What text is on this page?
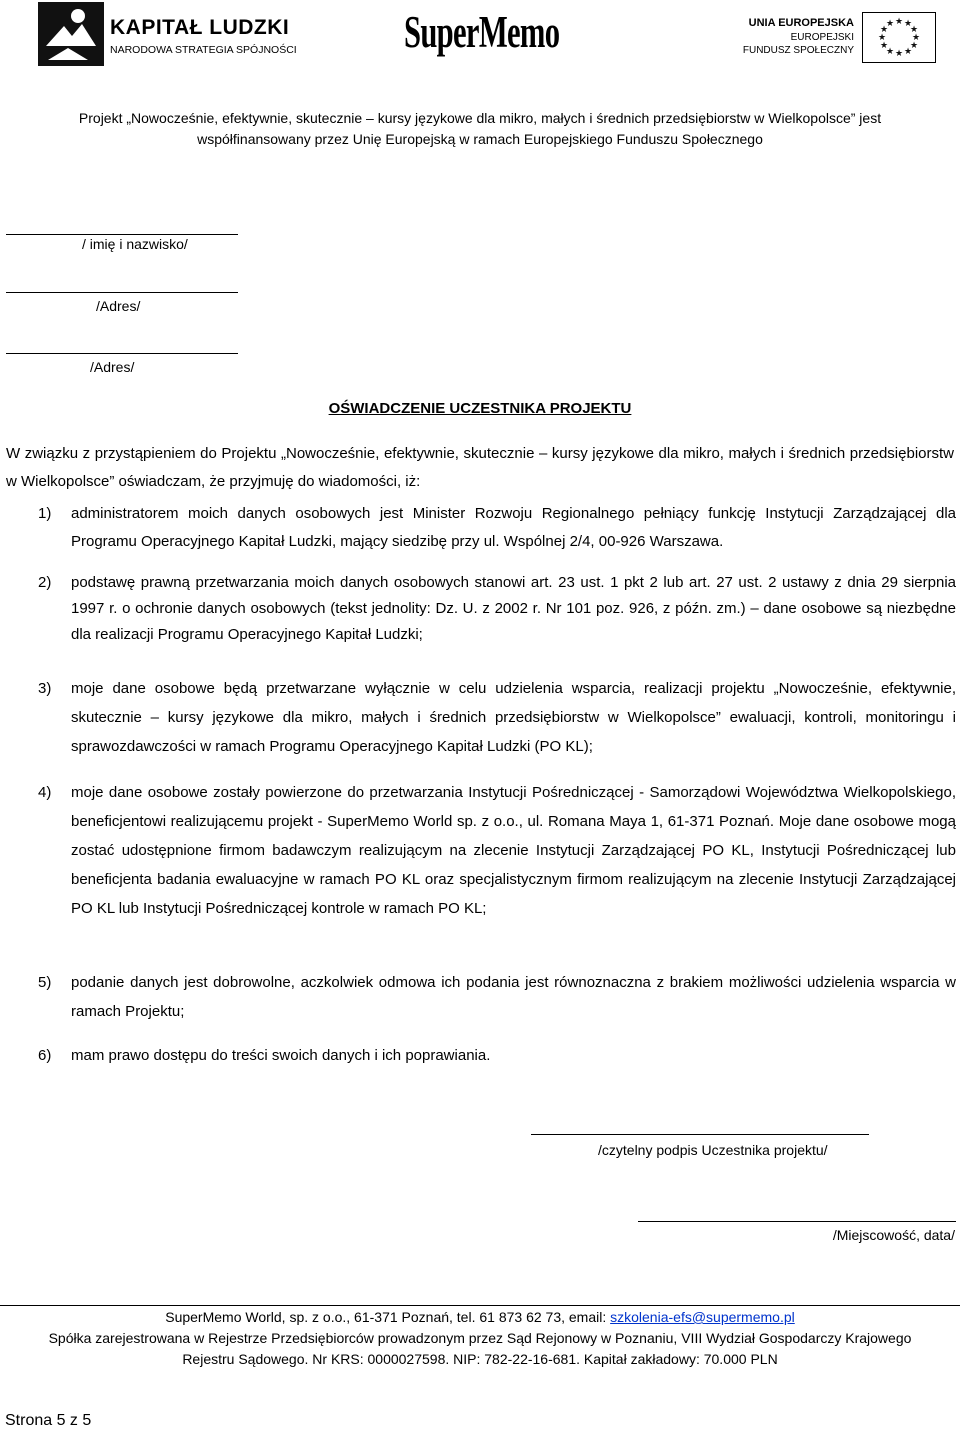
KAPITAŁ LUDZKI
NARODOWA STRATEGIA SPÓJNOŚCI SuperMemo	UNIA EUROPEJSKA
EUROPEJSKI
FUNDUSZ SPOŁECZNY
★ ★
★
★
★
★
★
★
★
★
★
★
Projekt „Nowocześnie, efektywnie, skutecznie – kursy językowe dla mikro, małych i średnich przedsiębiorstw w Wielkopolsce” jest
współfinansowany przez Unię Europejską w ramach Europejskiego Funduszu Społecznego
/ imię i nazwisko/
/Adres/
/Adres/
OŚWIADCZENIE UCZESTNIKA PROJEKTU
W związku z przystąpieniem do Projektu „Nowocześnie, efektywnie, skutecznie – kursy językowe dla mikro, małych i średnich przedsiębiorstw w Wielkopolsce” oświadczam, że przyjmuję do wiadomości, iż:
1) administratorem moich danych osobowych jest Minister Rozwoju Regionalnego pełniący funkcję Instytucji Zarządzającej dla Programu Operacyjnego Kapitał Ludzki, mający siedzibę przy ul. Wspólnej 2/4, 00-926 Warszawa.
2) podstawę prawną przetwarzania moich danych osobowych stanowi art. 23 ust. 1 pkt 2 lub art. 27 ust. 2 ustawy z dnia 29 sierpnia 1997 r. o ochronie danych osobowych (tekst jednolity: Dz. U. z 2002 r. Nr 101 poz. 926, z późn. zm.) – dane osobowe są niezbędne dla realizacji Programu Operacyjnego Kapitał Ludzki;
3) moje dane osobowe będą przetwarzane wyłącznie w celu udzielenia wsparcia, realizacji projektu „Nowocześnie, efektywnie, skutecznie – kursy językowe dla mikro, małych i średnich przedsiębiorstw w Wielkopolsce” ewaluacji, kontroli, monitoringu i sprawozdawczości w ramach Programu Operacyjnego Kapitał Ludzki (PO KL);
4) moje dane osobowe zostały powierzone do przetwarzania Instytucji Pośredniczącej - Samorządowi Województwa Wielkopolskiego, beneficjentowi realizującemu projekt - SuperMemo World sp. z o.o., ul. Romana Maya 1, 61-371 Poznań. Moje dane osobowe mogą zostać udostępnione firmom badawczym realizującym na zlecenie Instytucji Zarządzającej PO KL, Instytucji Pośredniczącej lub beneficjenta badania ewaluacyjne w ramach PO KL oraz specjalistycznym firmom realizującym na zlecenie Instytucji Zarządzającej PO KL lub Instytucji Pośredniczącej kontrole w ramach PO KL;
5) podanie danych jest dobrowolne, aczkolwiek odmowa ich podania jest równoznaczna z brakiem możliwości udzielenia wsparcia w ramach Projektu;
6) mam prawo dostępu do treści swoich danych i ich poprawiania.
/czytelny podpis Uczestnika projektu/
/Miejscowość, data/
SuperMemo World, sp. z o.o., 61-371 Poznań, tel. 61 873 62 73, email: szkolenia-efs@supermemo.pl
Spółka zarejestrowana w Rejestrze Przedsiębiorców prowadzonym przez Sąd Rejonowy w Poznaniu, VIII Wydział Gospodarczy Krajowego
Rejestru Sądowego. Nr KRS: 0000027598. NIP: 782-22-16-681. Kapitał zakładowy: 70.000 PLN
Strona 5 z 5
